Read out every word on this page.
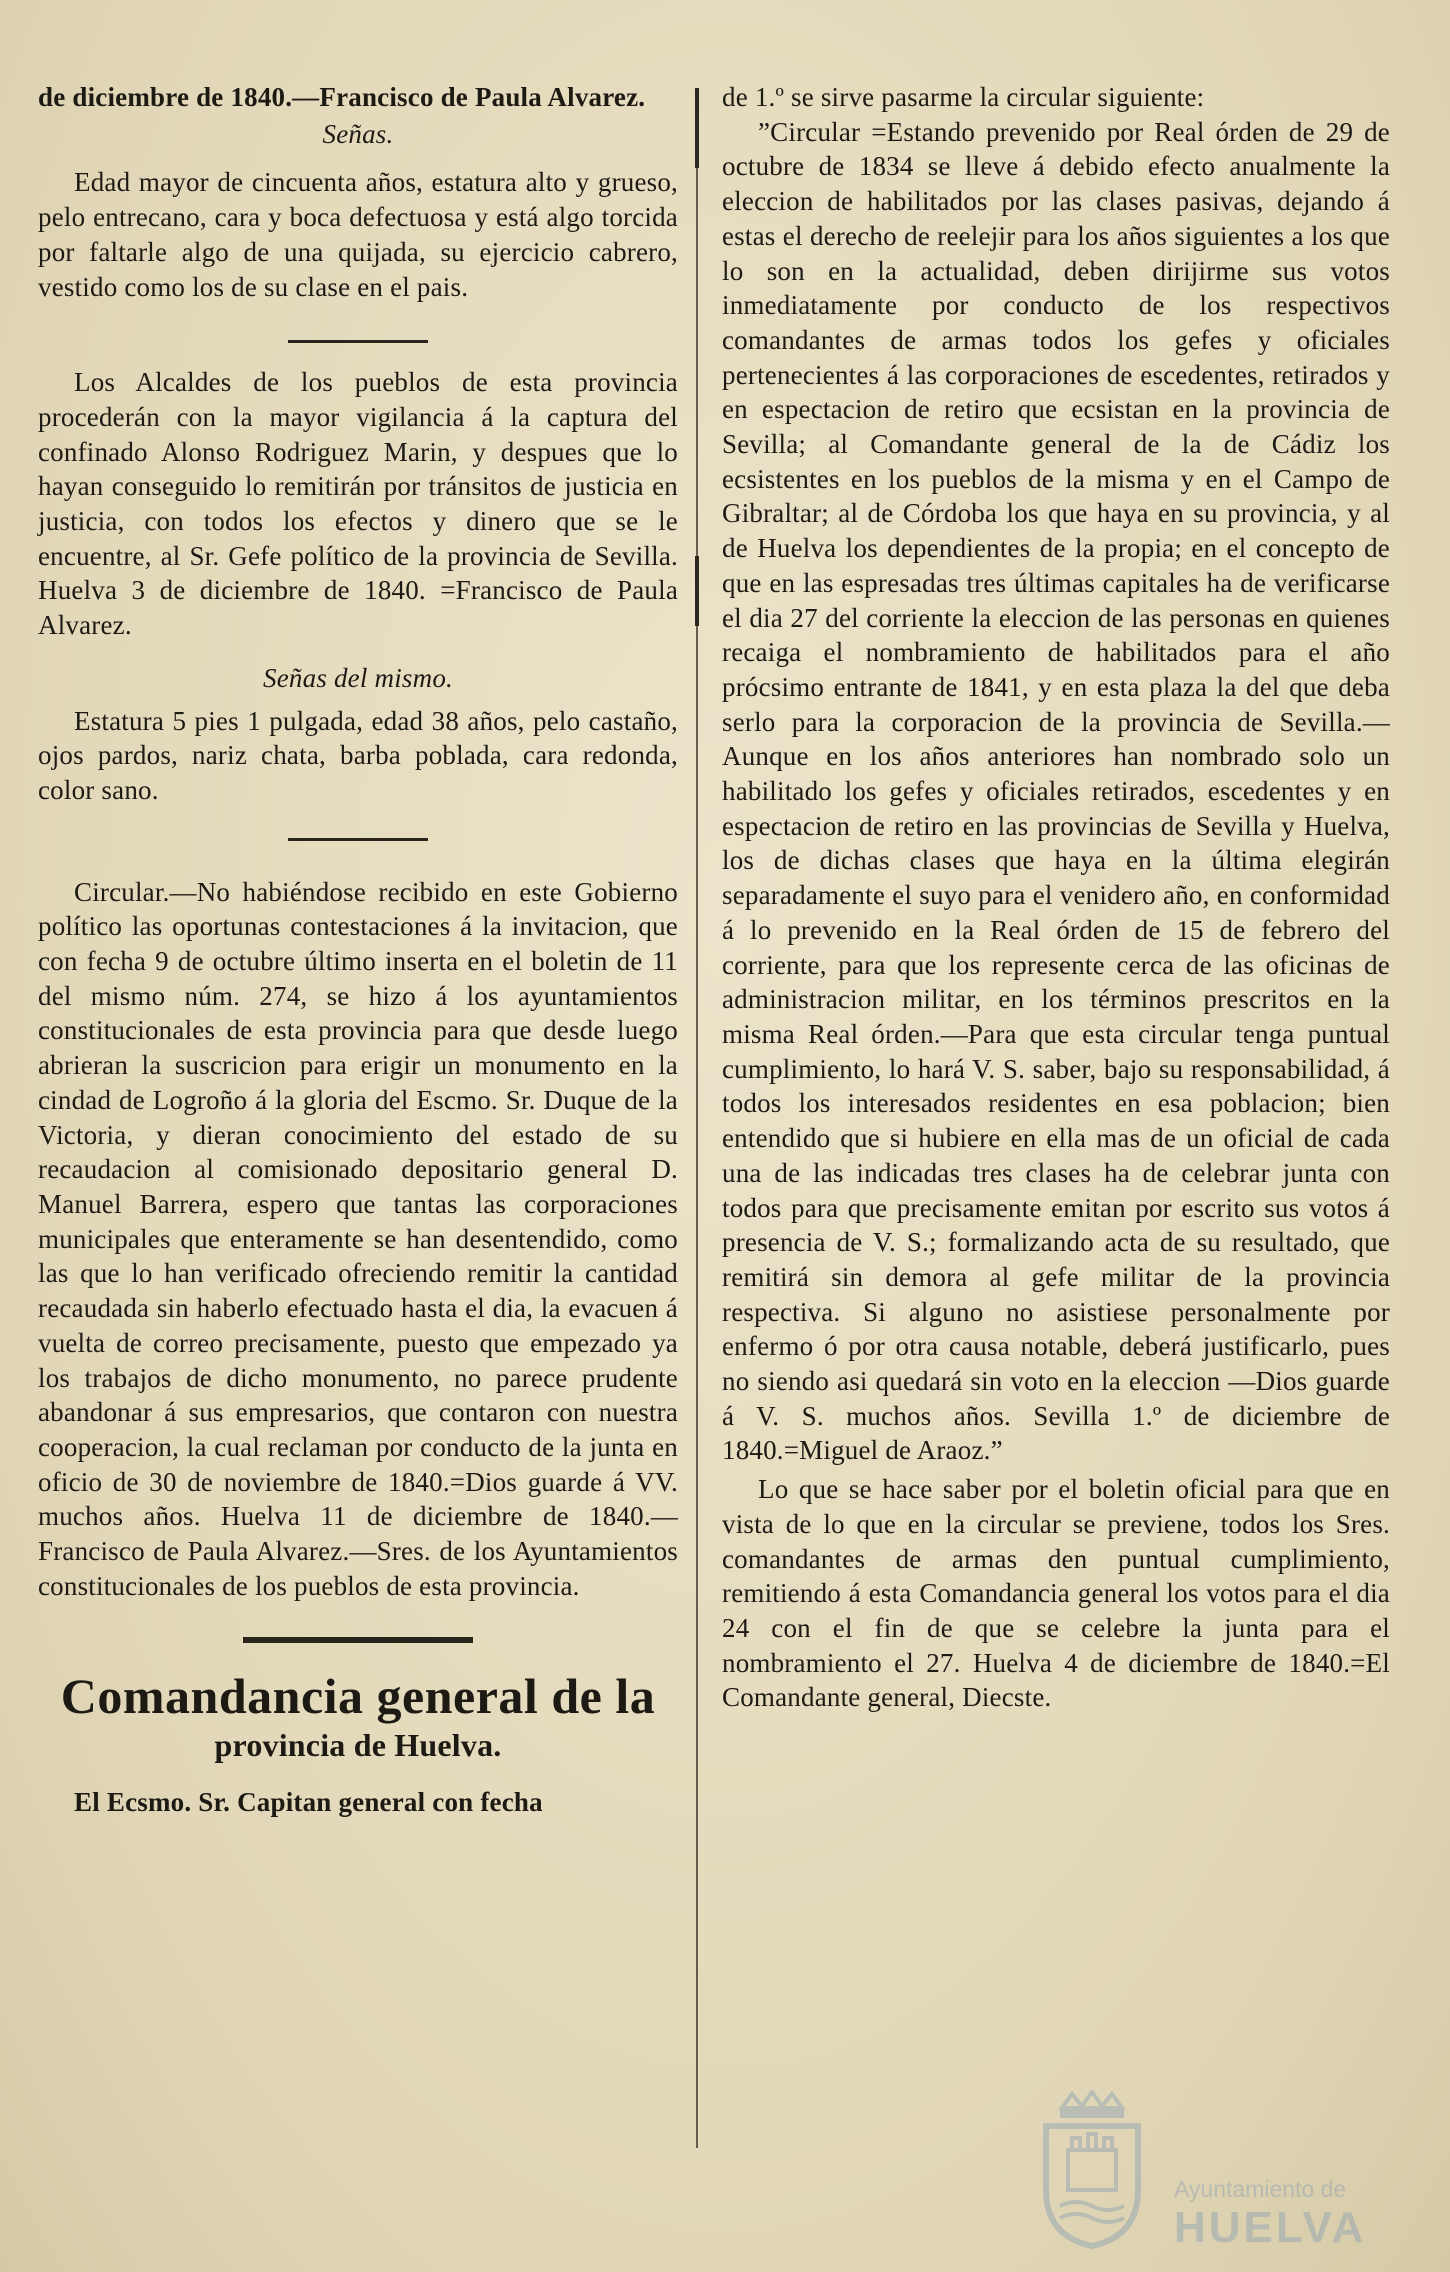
de diciembre de 1840.—Francisco de Paula Alvarez.

Señas.

Edad mayor de cincuenta años, estatura alto y grueso, pelo entrecano, cara y boca defectuosa y está algo torcida por faltarle algo de una quijada, su ejercicio cabrero, vestido como los de su clase en el pais.

Los Alcaldes de los pueblos de esta provincia procederán con la mayor vigilancia á la captura del confinado Alonso Rodriguez Marin, y despues que lo hayan conseguido lo remitirán por tránsitos de justicia en justicia, con todos los efectos y dinero que se le encuentre, al Sr. Gefe político de la provincia de Sevilla. Huelva 3 de diciembre de 1840. =Francisco de Paula Alvarez.

Señas del mismo.

Estatura 5 pies 1 pulgada, edad 38 años, pelo castaño, ojos pardos, nariz chata, barba poblada, cara redonda, color sano.

Circular.—No habiéndose recibido en este Gobierno político las oportunas contestaciones á la invitacion, que con fecha 9 de octubre último inserta en el boletin de 11 del mismo núm. 274, se hizo á los ayuntamientos constitucionales de esta provincia para que desde luego abrieran la suscricion para erigir un monumento en la cindad de Logroño á la gloria del Escmo. Sr. Duque de la Victoria, y dieran conocimiento del estado de su recaudacion al comisionado depositario general D. Manuel Barrera, espero que tantas las corporaciones municipales que enteramente se han desentendido, como las que lo han verificado ofreciendo remitir la cantidad recaudada sin haberlo efectuado hasta el dia, la evacuen á vuelta de correo precisamente, puesto que empezado ya los trabajos de dicho monumento, no parece prudente abandonar á sus empresarios, que contaron con nuestra cooperacion, la cual reclaman por conducto de la junta en oficio de 30 de noviembre de 1840.=Dios guarde á VV. muchos años. Huelva 11 de diciembre de 1840.—Francisco de Paula Alvarez.—Sres. de los Ayuntamientos constitucionales de los pueblos de esta provincia.

Comandancia general de la
provincia de Huelva.

El Ecsmo. Sr. Capitan general con fecha

de 1.º se sirve pasarme la circular siguiente:

”Circular =Estando prevenido por Real órden de 29 de octubre de 1834 se lleve á debido efecto anualmente la eleccion de habilitados por las clases pasivas, dejando á estas el derecho de reelejir para los años siguientes a los que lo son en la actualidad, deben dirijirme sus votos inmediatamente por conducto de los respectivos comandantes de armas todos los gefes y oficiales pertenecientes á las corporaciones de escedentes, retirados y en espectacion de retiro que ecsistan en la provincia de Sevilla; al Comandante general de la de Cádiz los ecsistentes en los pueblos de la misma y en el Campo de Gibraltar; al de Córdoba los que haya en su provincia, y al de Huelva los dependientes de la propia; en el concepto de que en las espresadas tres últimas capitales ha de verificarse el dia 27 del corriente la eleccion de las personas en quienes recaiga el nombramiento de habilitados para el año prócsimo entrante de 1841, y en esta plaza la del que deba serlo para la corporacion de la provincia de Sevilla.—Aunque en los años anteriores han nombrado solo un habilitado los gefes y oficiales retirados, escedentes y en espectacion de retiro en las provincias de Sevilla y Huelva, los de dichas clases que haya en la última elegirán separadamente el suyo para el venidero año, en conformidad á lo prevenido en la Real órden de 15 de febrero del corriente, para que los represente cerca de las oficinas de administracion militar, en los términos prescritos en la misma Real órden.—Para que esta circular tenga puntual cumplimiento, lo hará V. S. saber, bajo su responsabilidad, á todos los interesados residentes en esa poblacion; bien entendido que si hubiere en ella mas de un oficial de cada una de las indicadas tres clases ha de celebrar junta con todos para que precisamente emitan por escrito sus votos á presencia de V. S.; formalizando acta de su resultado, que remitirá sin demora al gefe militar de la provincia respectiva. Si alguno no asistiese personalmente por enfermo ó por otra causa notable, deberá justificarlo, pues no siendo asi quedará sin voto en la eleccion —Dios guarde á V. S. muchos años. Sevilla 1.º de diciembre de 1840.=Miguel de Araoz.”

Lo que se hace saber por el boletin oficial para que en vista de lo que en la circular se previene, todos los Sres. comandantes de armas den puntual cumplimiento, remitiendo á esta Comandancia general los votos para el dia 24 con el fin de que se celebre la junta para el nombramiento el 27. Huelva 4 de diciembre de 1840.=El Comandante general, Diecste.

Ayuntamiento de
HUELVA
